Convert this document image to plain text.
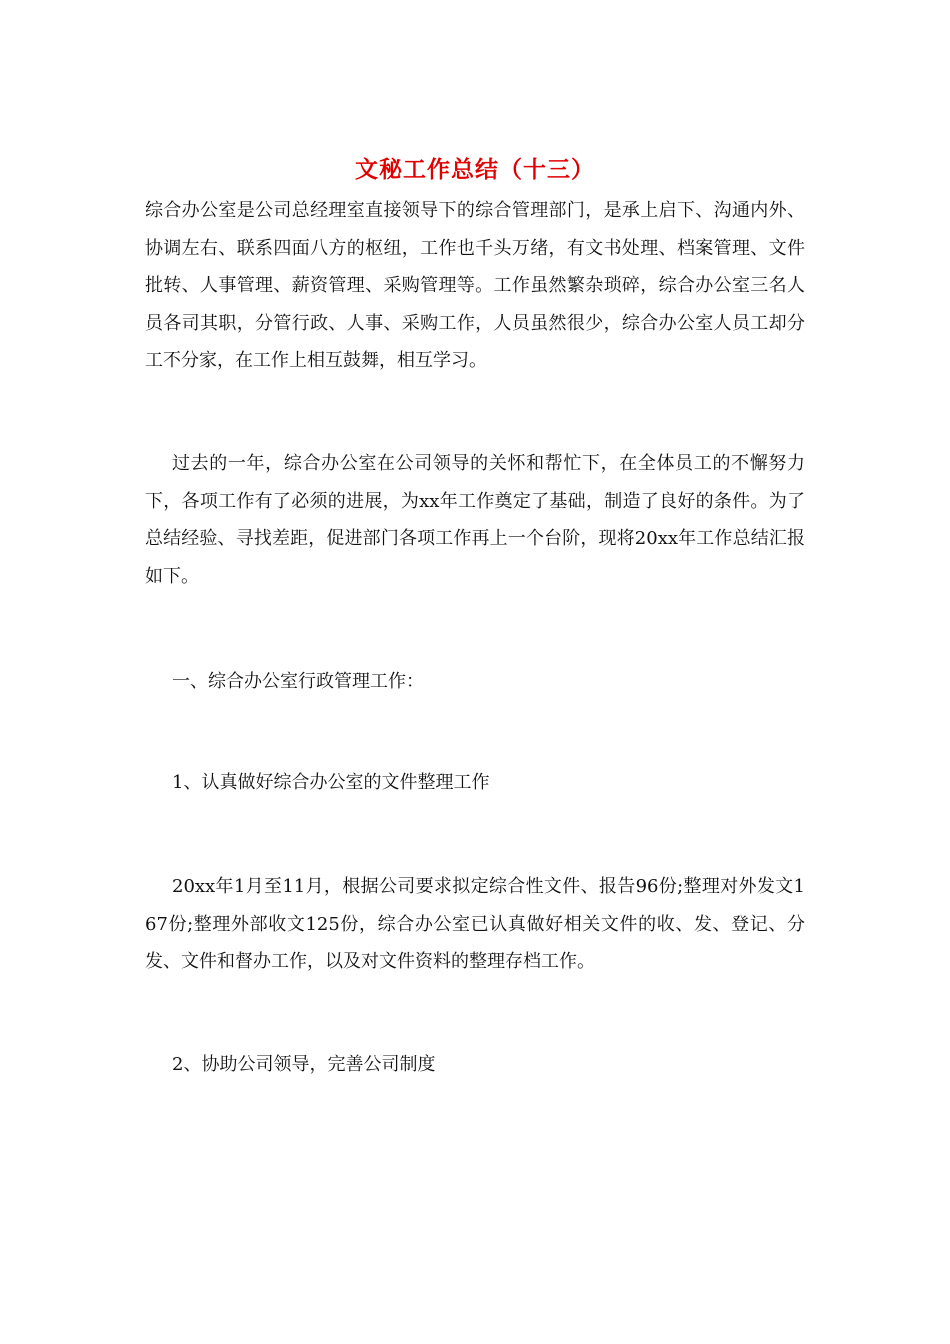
文秘工作总结（十三）

综合办公室是公司总经理室直接领导下的综合管理部门，是承上启下、沟通内外、协调左右、联系四面八方的枢纽，工作也千头万绪，有文书处理、档案管理、文件批转、人事管理、薪资管理、采购管理等。工作虽然繁杂琐碎，综合办公室三名人员各司其职，分管行政、人事、采购工作，人员虽然很少，综合办公室人员工却分工不分家，在工作上相互鼓舞，相互学习。

过去的一年，综合办公室在公司领导的关怀和帮忙下，在全体员工的不懈努力下，各项工作有了必须的进展，为xx年工作奠定了基础，制造了良好的条件。为了总结经验、寻找差距，促进部门各项工作再上一个台阶，现将20xx年工作总结汇报如下。

一、综合办公室行政管理工作：

1、认真做好综合办公室的文件整理工作

20xx年1月至11月，根据公司要求拟定综合性文件、报告96份;整理对外发文167份;整理外部收文125份，综合办公室已认真做好相关文件的收、发、登记、分发、文件和督办工作，以及对文件资料的整理存档工作。

2、协助公司领导，完善公司制度
